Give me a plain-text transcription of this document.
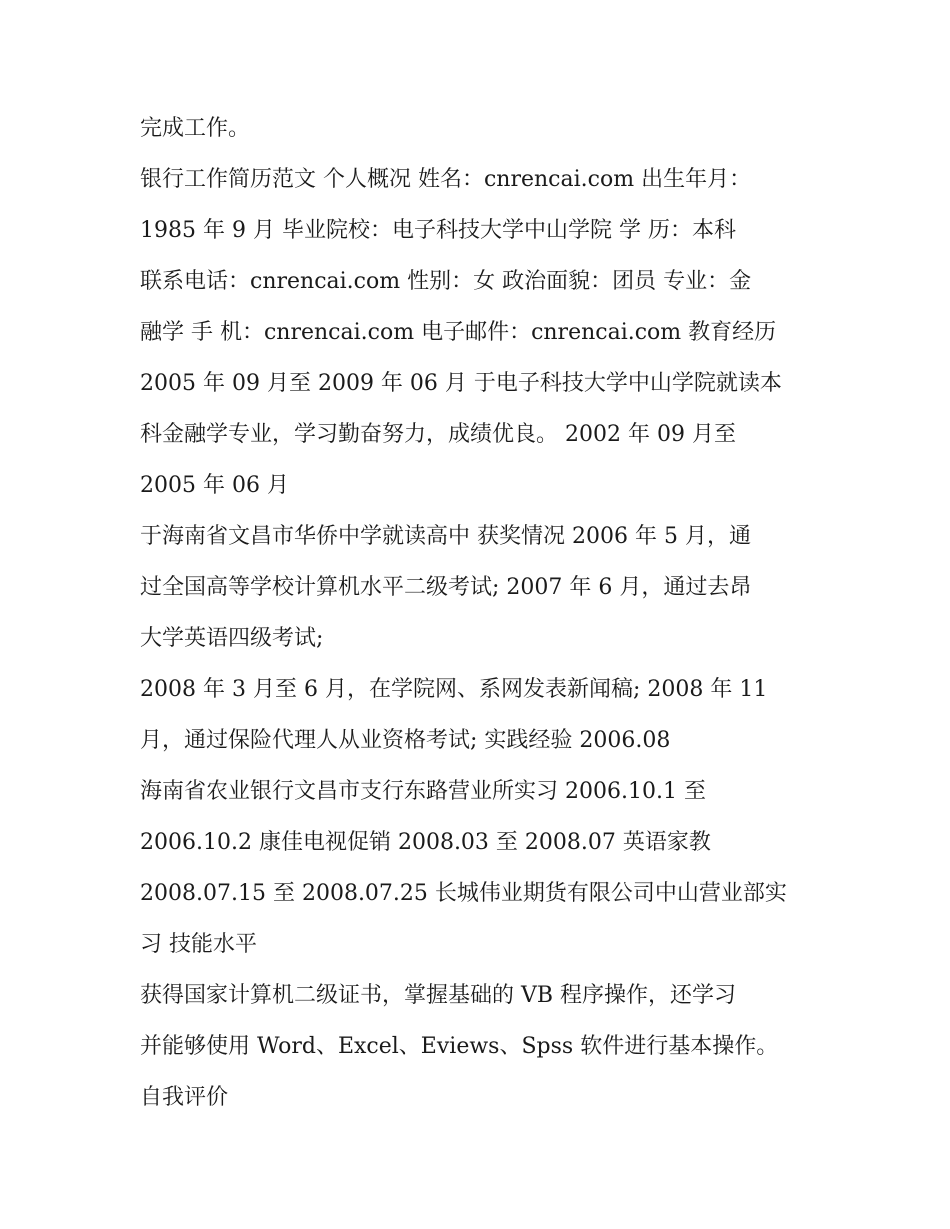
完成工作。
银行工作简历范文 个人概况 姓名：cnrencai.com 出生年月：
1985 年 9 月 毕业院校：电子科技大学中山学院 学 历：本科
联系电话：cnrencai.com 性别：女 政治面貌：团员 专业：金
融学 手 机：cnrencai.com 电子邮件：cnrencai.com 教育经历
2005 年 09 月至 2009 年 06 月 于电子科技大学中山学院就读本
科金融学专业，学习勤奋努力，成绩优良。 2002 年 09 月至
2005 年 06 月
于海南省文昌市华侨中学就读高中 获奖情况 2006 年 5 月，通
过全国高等学校计算机水平二级考试; 2007 年 6 月，通过去昂
大学英语四级考试;
2008 年 3 月至 6 月，在学院网、系网发表新闻稿; 2008 年 11
月，通过保险代理人从业资格考试; 实践经验 2006.08
海南省农业银行文昌市支行东路营业所实习 2006.10.1 至
2006.10.2 康佳电视促销 2008.03 至 2008.07 英语家教
2008.07.15 至 2008.07.25 长城伟业期货有限公司中山营业部实
习 技能水平
获得国家计算机二级证书，掌握基础的 VB 程序操作，还学习
并能够使用 Word、Excel、Eviews、Spss 软件进行基本操作。
自我评价
